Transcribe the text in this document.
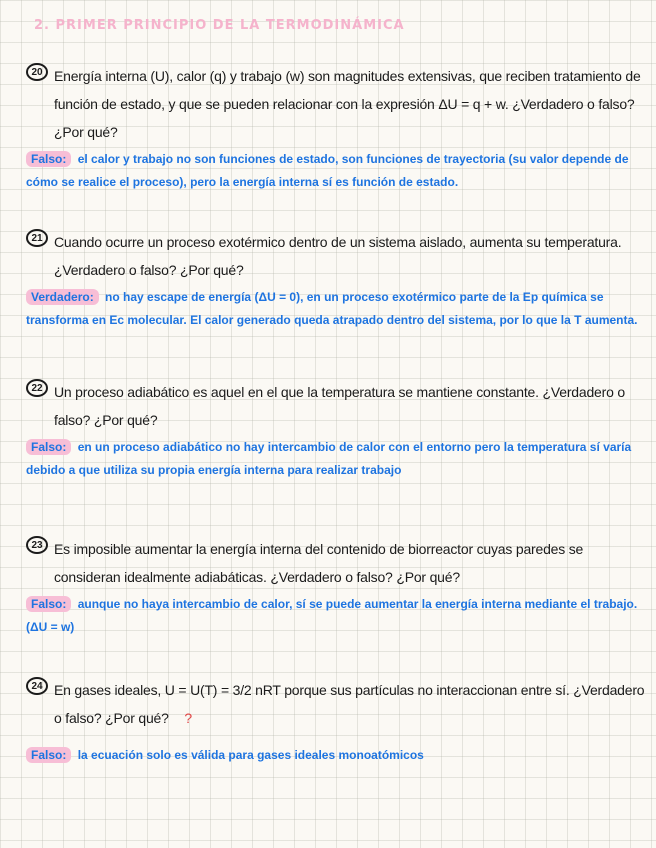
2. PRIMER PRINCIPIO DE LA TERMODINÁMICA
20 Energía interna (U), calor (q) y trabajo (w) son magnitudes extensivas, que reciben tratamiento de función de estado, y que se pueden relacionar con la expresión ΔU = q + w. ¿Verdadero o falso? ¿Por qué?
Falso: el calor y trabajo no son funciones de estado, son funciones de trayectoria (su valor depende de cómo se realice el proceso), pero la energía interna sí es función de estado.
21 Cuando ocurre un proceso exotérmico dentro de un sistema aislado, aumenta su temperatura. ¿Verdadero o falso? ¿Por qué?
Verdadero: no hay escape de energía (ΔU = 0), en un proceso exotérmico parte de la Ep química se transforma en Ec molecular. El calor generado queda atrapado dentro del sistema, por lo que la T aumenta.
22 Un proceso adiabático es aquel en el que la temperatura se mantiene constante. ¿Verdadero o falso? ¿Por qué?
Falso: en un proceso adiabático no hay intercambio de calor con el entorno pero la temperatura sí varía debido a que utiliza su propia energía interna para realizar trabajo
23 Es imposible aumentar la energía interna del contenido de biorreactor cuyas paredes se consideran idealmente adiabáticas. ¿Verdadero o falso? ¿Por qué?
Falso: aunque no haya intercambio de calor, sí se puede aumentar la energía interna mediante el trabajo. (ΔU = w)
24 En gases ideales, U = U(T) = 3/2 nRT porque sus partículas no interaccionan entre sí. ¿Verdadero o falso? ¿Por qué? ?
Falso: la ecuación solo es válida para gases ideales monoatómicos
